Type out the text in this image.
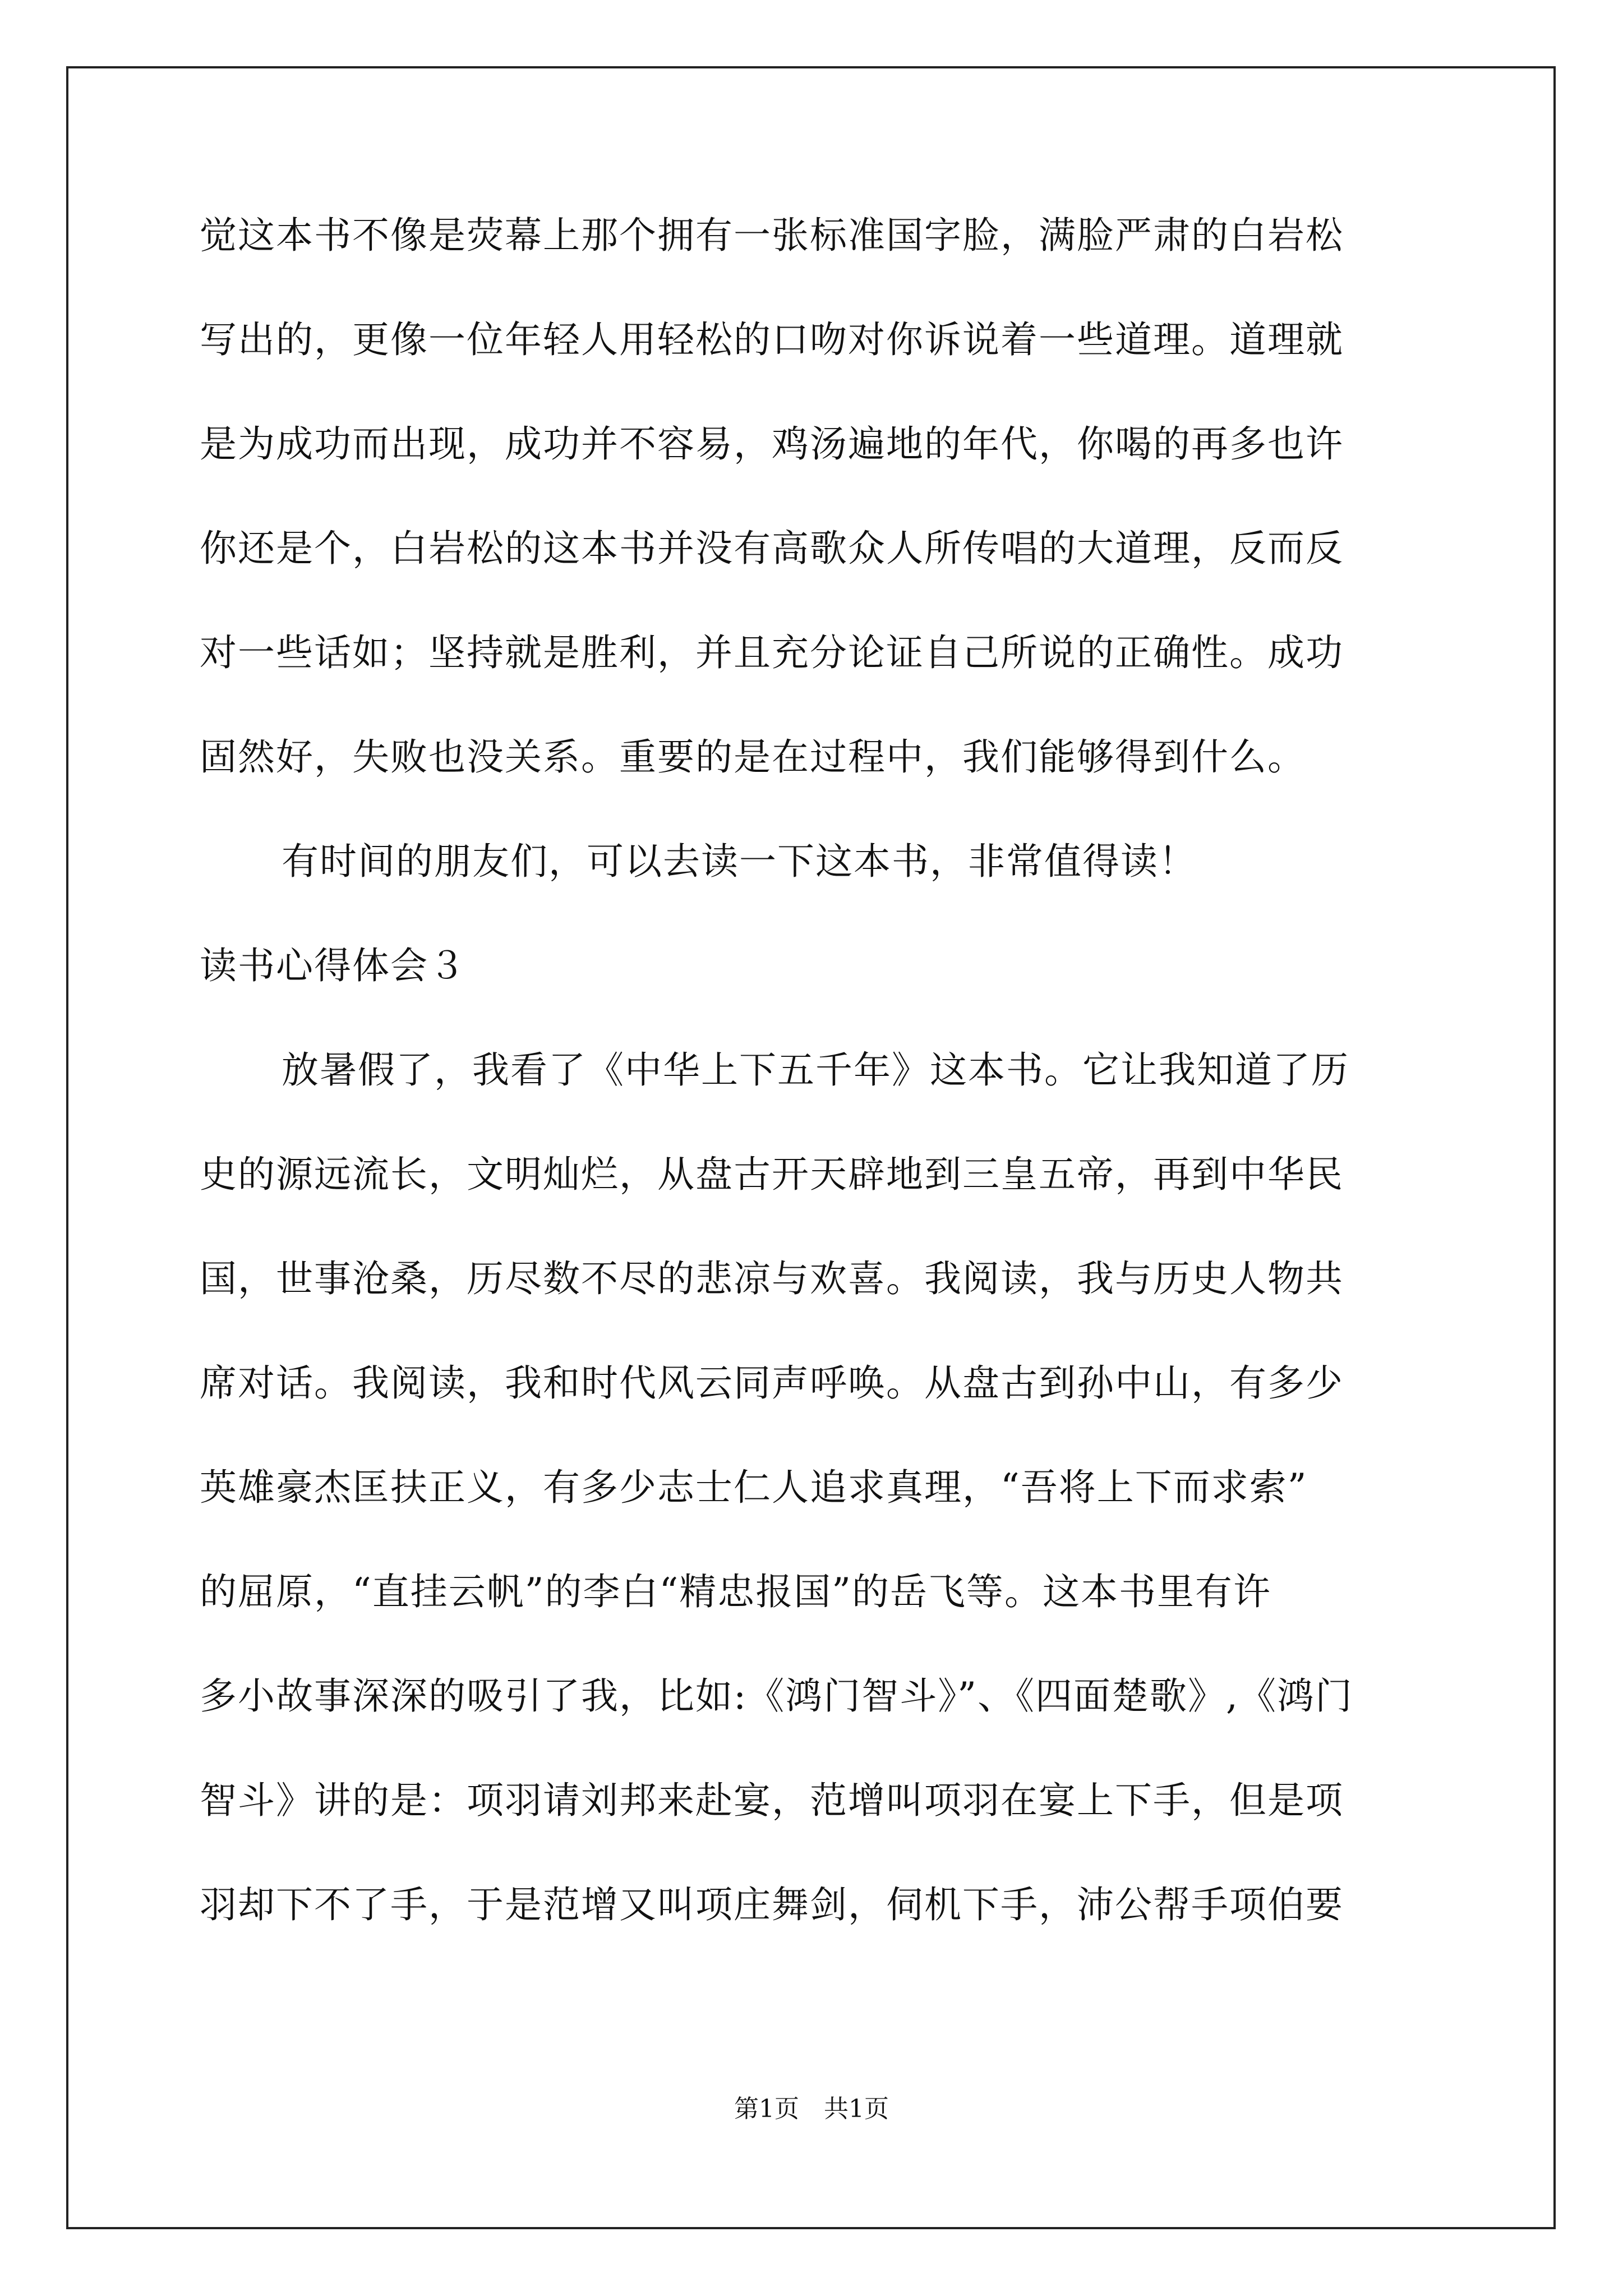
觉这本书不像是荧幕上那个拥有一张标准国字脸，满脸严肃的白岩松
写出的，更像一位年轻人用轻松的口吻对你诉说着一些道理。道理就
是为成功而出现，成功并不容易，鸡汤遍地的年代，你喝的再多也许
你还是个，白岩松的这本书并没有高歌众人所传唱的大道理，反而反
对一些话如；坚持就是胜利，并且充分论证自己所说的正确性。成功
固然好，失败也没关系。重要的是在过程中，我们能够得到什么。
有时间的朋友们，可以去读一下这本书，非常值得读！
读书心得体会３
放暑假了，我看了《中华上下五千年》这本书。它让我知道了历
史的源远流长，文明灿烂，从盘古开天辟地到三皇五帝，再到中华民
国，世事沧桑，历尽数不尽的悲凉与欢喜。我阅读，我与历史人物共
席对话。我阅读，我和时代风云同声呼唤。从盘古到孙中山，有多少
英雄豪杰匡扶正义，有多少志士仁人追求真理，“吾将上下而求索”
的屈原，“直挂云帆”的李白“精忠报国”的岳飞等。这本书里有许
多小故事深深的吸引了我，比如:《鸿门智斗》”、《四面楚歌》,《鸿门
智斗》讲的是：项羽请刘邦来赴宴，范增叫项羽在宴上下手，但是项
羽却下不了手，于是范增又叫项庄舞剑，伺机下手，沛公帮手项伯要
第1页　共1页
